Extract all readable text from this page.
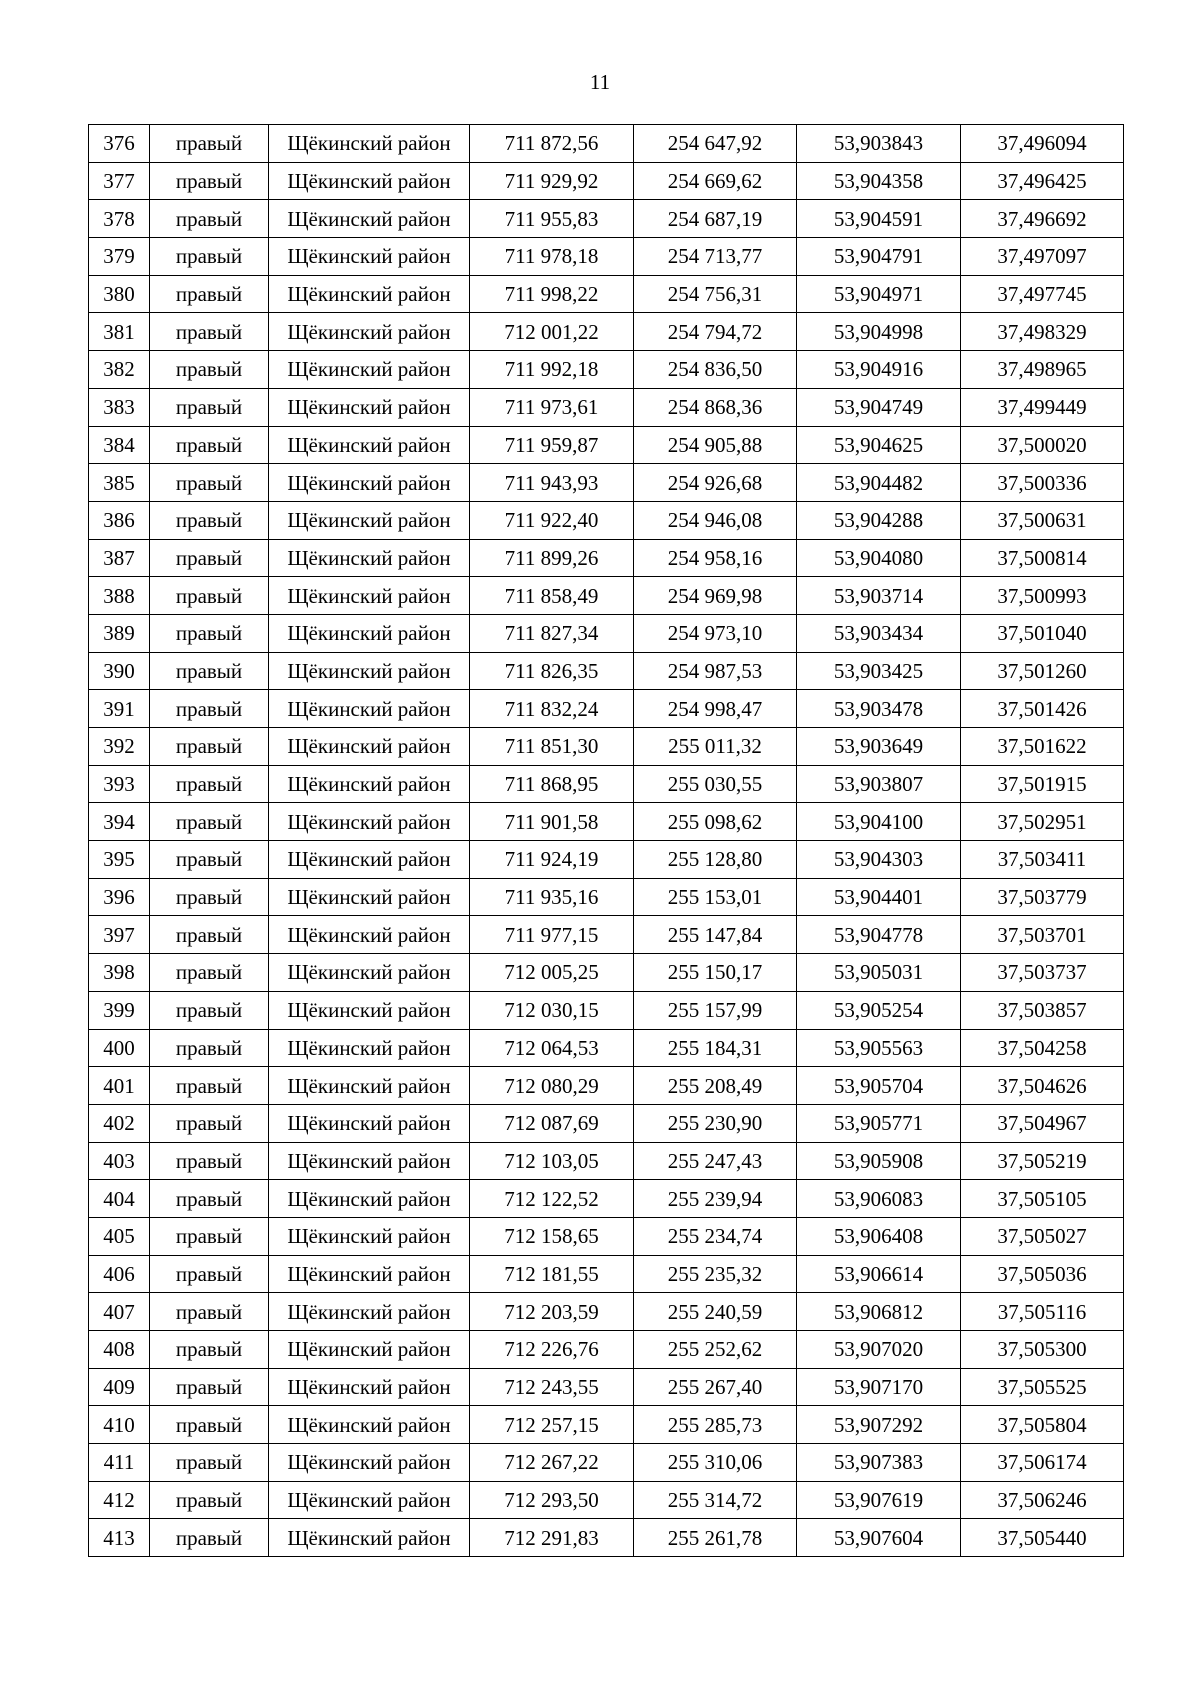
11
376	правый	Щёкинский район	711 872,56	254 647,92	53,903843	37,496094
377	правый	Щёкинский район	711 929,92	254 669,62	53,904358	37,496425
378	правый	Щёкинский район	711 955,83	254 687,19	53,904591	37,496692
379	правый	Щёкинский район	711 978,18	254 713,77	53,904791	37,497097
380	правый	Щёкинский район	711 998,22	254 756,31	53,904971	37,497745
381	правый	Щёкинский район	712 001,22	254 794,72	53,904998	37,498329
382	правый	Щёкинский район	711 992,18	254 836,50	53,904916	37,498965
383	правый	Щёкинский район	711 973,61	254 868,36	53,904749	37,499449
384	правый	Щёкинский район	711 959,87	254 905,88	53,904625	37,500020
385	правый	Щёкинский район	711 943,93	254 926,68	53,904482	37,500336
386	правый	Щёкинский район	711 922,40	254 946,08	53,904288	37,500631
387	правый	Щёкинский район	711 899,26	254 958,16	53,904080	37,500814
388	правый	Щёкинский район	711 858,49	254 969,98	53,903714	37,500993
389	правый	Щёкинский район	711 827,34	254 973,10	53,903434	37,501040
390	правый	Щёкинский район	711 826,35	254 987,53	53,903425	37,501260
391	правый	Щёкинский район	711 832,24	254 998,47	53,903478	37,501426
392	правый	Щёкинский район	711 851,30	255 011,32	53,903649	37,501622
393	правый	Щёкинский район	711 868,95	255 030,55	53,903807	37,501915
394	правый	Щёкинский район	711 901,58	255 098,62	53,904100	37,502951
395	правый	Щёкинский район	711 924,19	255 128,80	53,904303	37,503411
396	правый	Щёкинский район	711 935,16	255 153,01	53,904401	37,503779
397	правый	Щёкинский район	711 977,15	255 147,84	53,904778	37,503701
398	правый	Щёкинский район	712 005,25	255 150,17	53,905031	37,503737
399	правый	Щёкинский район	712 030,15	255 157,99	53,905254	37,503857
400	правый	Щёкинский район	712 064,53	255 184,31	53,905563	37,504258
401	правый	Щёкинский район	712 080,29	255 208,49	53,905704	37,504626
402	правый	Щёкинский район	712 087,69	255 230,90	53,905771	37,504967
403	правый	Щёкинский район	712 103,05	255 247,43	53,905908	37,505219
404	правый	Щёкинский район	712 122,52	255 239,94	53,906083	37,505105
405	правый	Щёкинский район	712 158,65	255 234,74	53,906408	37,505027
406	правый	Щёкинский район	712 181,55	255 235,32	53,906614	37,505036
407	правый	Щёкинский район	712 203,59	255 240,59	53,906812	37,505116
408	правый	Щёкинский район	712 226,76	255 252,62	53,907020	37,505300
409	правый	Щёкинский район	712 243,55	255 267,40	53,907170	37,505525
410	правый	Щёкинский район	712 257,15	255 285,73	53,907292	37,505804
411	правый	Щёкинский район	712 267,22	255 310,06	53,907383	37,506174
412	правый	Щёкинский район	712 293,50	255 314,72	53,907619	37,506246
413	правый	Щёкинский район	712 291,83	255 261,78	53,907604	37,505440
